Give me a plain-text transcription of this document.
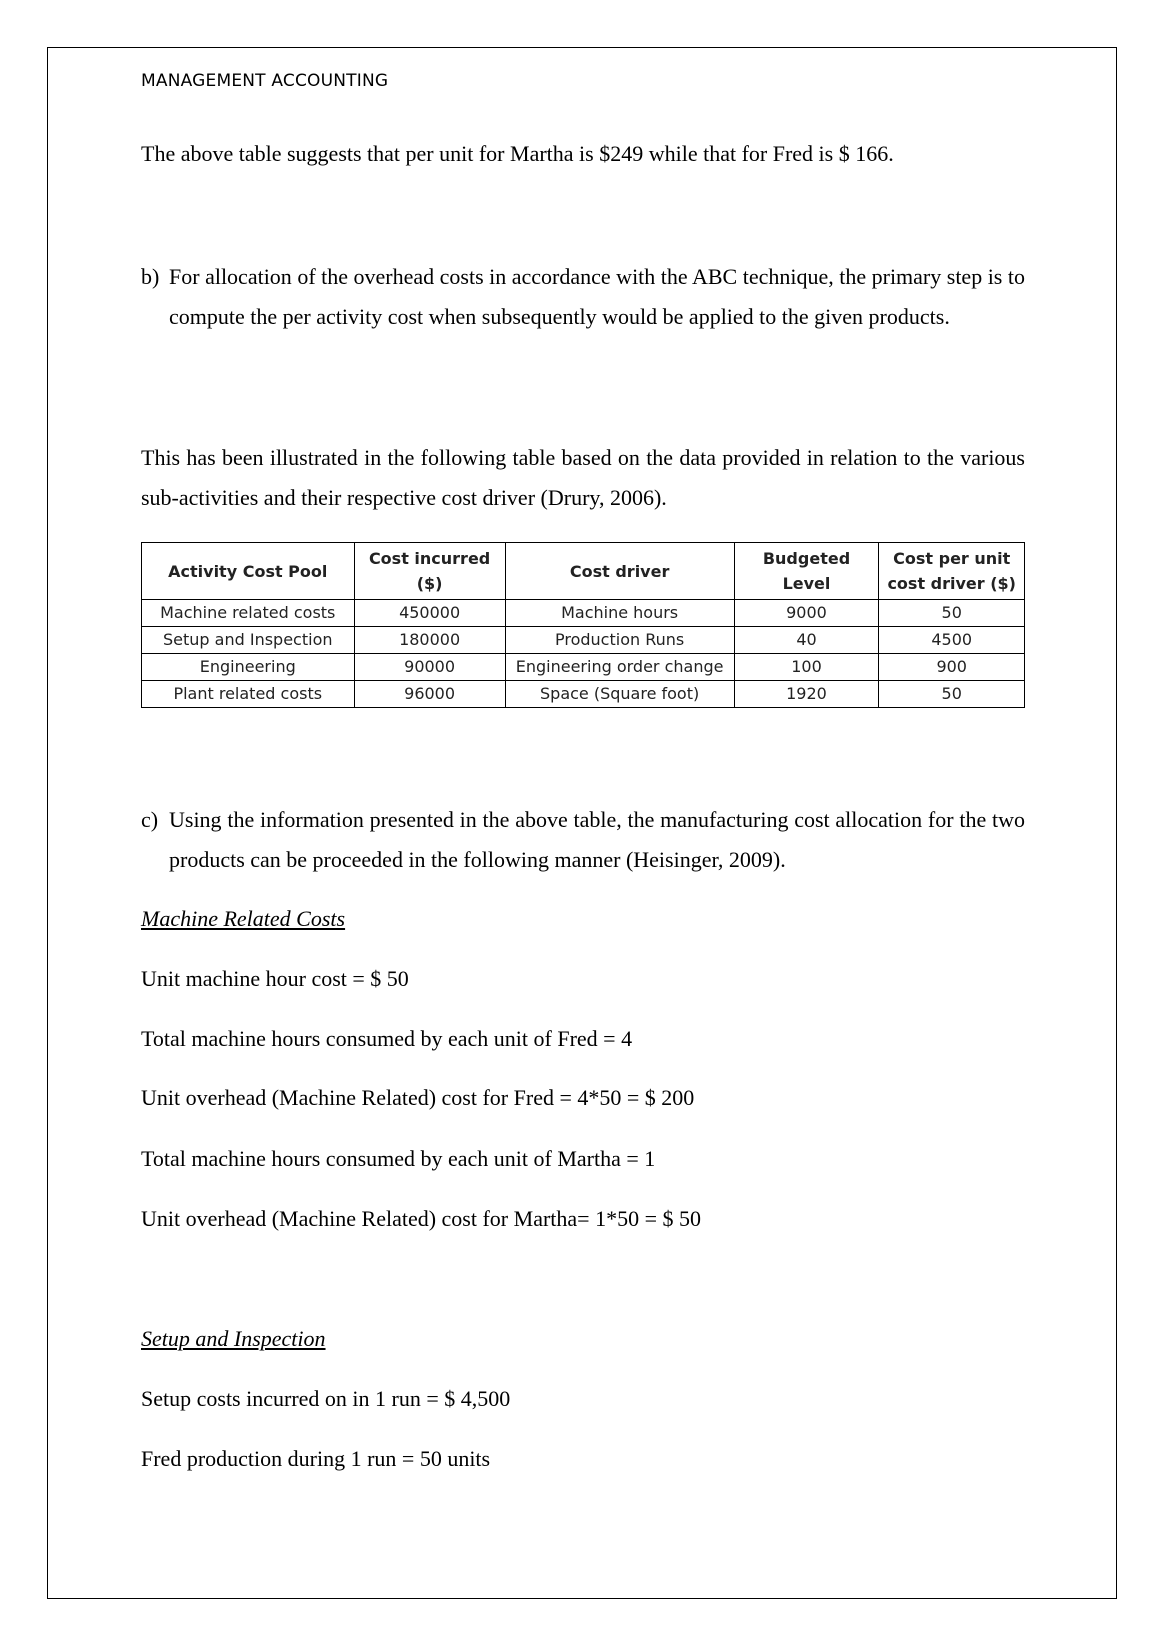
MANAGEMENT ACCOUNTING

The above table suggests that per unit for Martha is $249 while that for Fred is $ 166.

b) For allocation of the overhead costs in accordance with the ABC technique, the primary step is to compute the per activity cost when subsequently would be applied to the given products.

This has been illustrated in the following table based on the data provided in relation to the various sub-activities and their respective cost driver (Drury, 2006).

Activity Cost Pool	Cost incurred ($)	Cost driver	Budgeted Level	Cost per unit cost driver ($)
Machine related costs	450000	Machine hours	9000	50
Setup and Inspection	180000	Production Runs	40	4500
Engineering	90000	Engineering order change	100	900
Plant related costs	96000	Space (Square foot)	1920	50
c) Using the information presented in the above table, the manufacturing cost allocation for the two products can be proceeded in the following manner (Heisinger, 2009).

Machine Related Costs

Unit machine hour cost = $ 50

Total machine hours consumed by each unit of Fred = 4

Unit overhead (Machine Related) cost for Fred = 4*50 = $ 200

Total machine hours consumed by each unit of Martha = 1

Unit overhead (Machine Related) cost for Martha= 1*50 = $ 50

Setup and Inspection

Setup costs incurred on in 1 run = $ 4,500

Fred production during 1 run = 50 units
